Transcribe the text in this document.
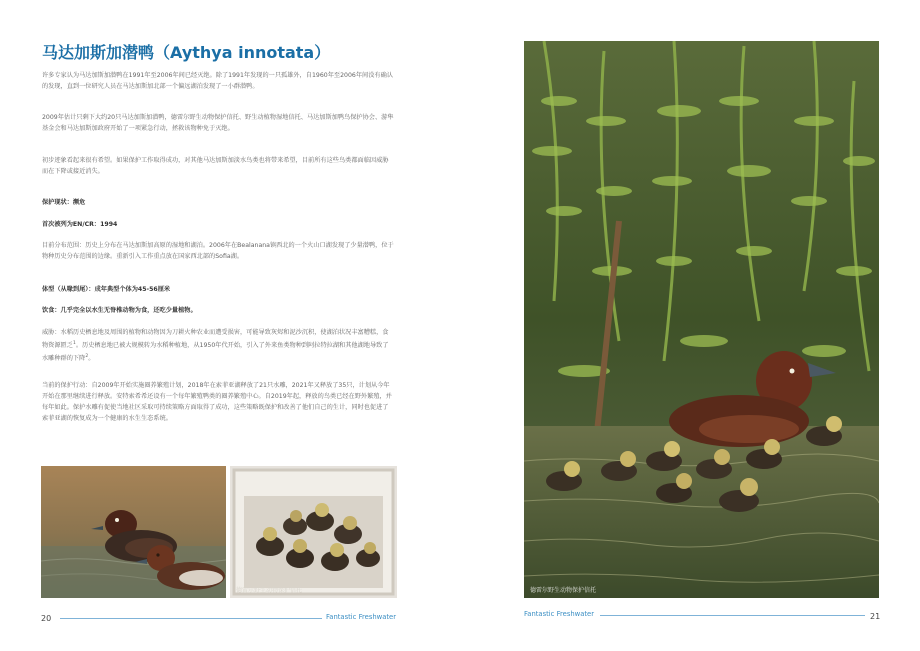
马达加斯加潜鸭（Aythya innotata）

许多专家认为马达加斯加潜鸭在1991年至2006年间已经灭绝。除了1991年发现的一只孤雄外，自1960年至2006年间没有确认的发现，直到一位研究人员在马达加斯加北部一个偏远湖泊发现了一小群潜鸭。

2009年估计只剩下大约20只马达加斯加潜鸭，德雷尔野生动物保护信托、野生动植物湿地信托、马达加斯加鸭鸟保护协会、游隼基金会和马达加斯加政府开始了一项紧急行动，拯救该物种免于灭绝。

初步迹象看起来很有希望。如果保护工作取得成功，对其他马达加斯加淡水鸟类也将带来希望，目前所有这些鸟类都面临因威胁而在下降或接近消失。

保护现状：濒危

首次被列为EN/CR：1994

目前分布范围：历史上分布在马达加斯加高原的湿地和湖泊。2006年在Bealanana镇西北的一个火山口湖发现了少量潜鸭，位于物种历史分布范围的边缘。重新引入工作重点放在国家西北部的Sofia湖。

体型（从喙到尾）：成年典型个体为45-56厘米

饮食：几乎完全以水生无脊椎动物为食，还吃少量植物。

威胁：水稻历史栖息地及周围的植物和动物因为刀耕火种农业而遭受损害，可能导致灰烬和泥沙沉积，使湖泊状况丰富糟糕，食物资源匮乏$^1$。历史栖息地已被大规模转为水稻种植地，从1950年代开始，引入了外来鱼类物种到阿拉特拉湖和其他湖地导致了水雕种群的下降$^2$。

当前的保护行动：自2009年开始实施圈养繁殖计划，2018年在索菲亚湖释放了21只水雕，2021年又释放了35只，计划从今年开始在那里继续进行释放。安特索希希还设有一个每年繁殖鸭类的圈养繁殖中心。自2019年起，释放的鸟类已经在野外繁殖，并每年如此。保护水雕有促使当地社区采取可持续策略方面取得了成功，这些策略既保护和改善了他们自己的生计，同时也促进了索菲亚湖的恢复成为一个健康的水生生态系统。

德雷尔野生动物保护信托
20	Fantastic Freshwater
德雷尔野生动物保护信托
Fantastic Freshwater	21
